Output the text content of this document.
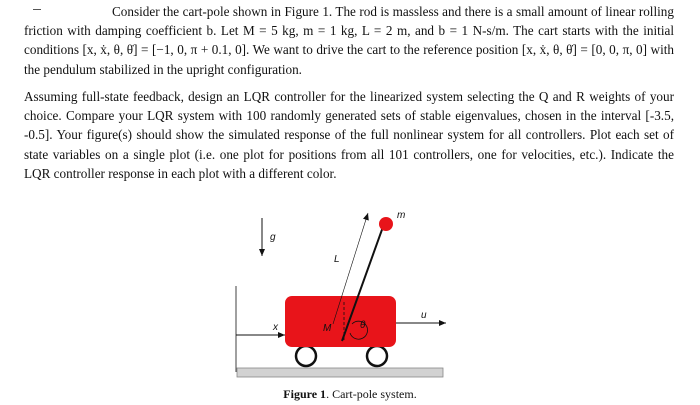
Consider the cart-pole shown in Figure 1. The rod is massless and there is a small amount of linear rolling friction with damping coefficient b. Let M = 5 kg, m = 1 kg, L = 2 m, and b = 1 N-s/m. The cart starts with the initial conditions [x, ẋ, θ, θ̇] = [−1, 0, π + 0.1, 0]. We want to drive the cart to the reference position [x, ẋ, θ, θ̇] = [0, 0, π, 0] with the pendulum stabilized in the upright configuration.

Assuming full-state feedback, design an LQR controller for the linearized system selecting the Q and R weights of your choice. Compare your LQR system with 100 randomly generated sets of stable eigenvalues, chosen in the interval [-3.5, -0.5]. Your figure(s) should show the simulated response of the full nonlinear system for all controllers. Plot each set of state variables on a single plot (i.e. one plot for positions from all 101 controllers, one for velocities, etc.). Indicate the LQR controller response in each plot with a different color.

g
x	M	θ
m
L
u
Figure 1. Cart-pole system.
